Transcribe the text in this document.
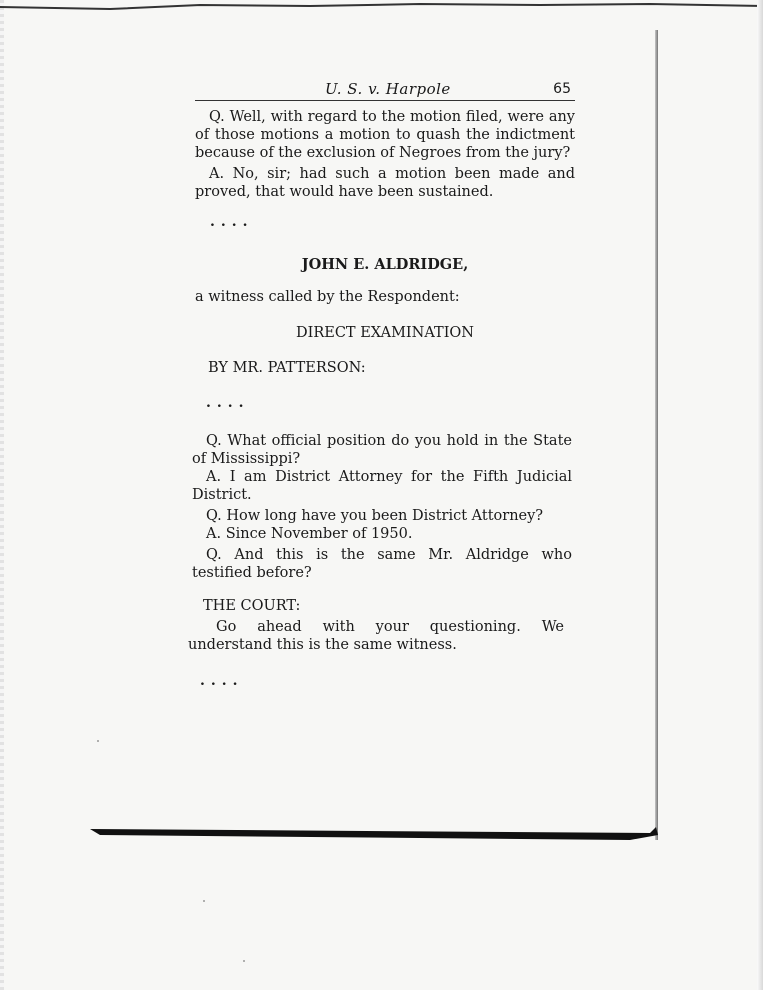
U. S. v. Harpole	65

Q. Well, with regard to the motion filed, were any of those motions a motion to quash the indictment because of the exclusion of Negroes from the jury?

A. No, sir; had such a motion been made and proved, that would have been sustained.

....
JOHN E. ALDRIDGE,

a witness called by the Respondent:

DIRECT EXAMINATION

BY MR. PATTERSON:

....

Q. What official position do you hold in the State of Mississippi?

A. I am District Attorney for the Fifth Judicial District.

Q. How long have you been District Attorney?

A. Since November of 1950.

Q. And this is the same Mr. Aldridge who testified before?

THE COURT:

Go ahead with your questioning. We understand this is the same witness.

....
